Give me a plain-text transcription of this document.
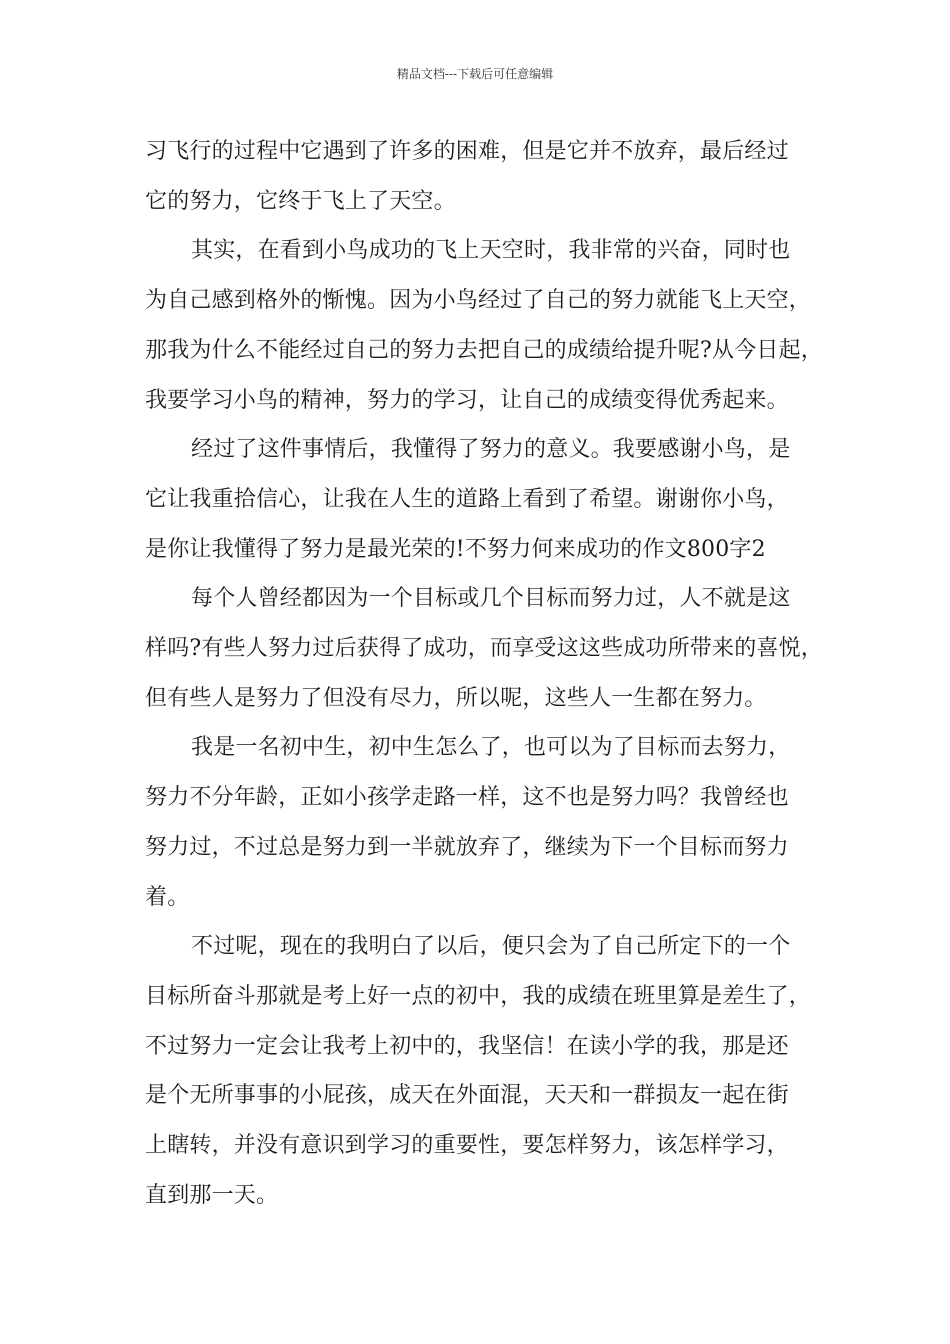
精品文档---下载后可任意编辑
习飞行的过程中它遇到了许多的困难，但是它并不放弃，最后经过
它的努力，它终于飞上了天空。
其实，在看到小鸟成功的飞上天空时，我非常的兴奋，同时也
为自己感到格外的惭愧。因为小鸟经过了自己的努力就能飞上天空，
那我为什么不能经过自己的努力去把自己的成绩给提升呢?从今日起，
我要学习小鸟的精神，努力的学习，让自己的成绩变得优秀起来。
经过了这件事情后，我懂得了努力的意义。我要感谢小鸟，是
它让我重拾信心，让我在人生的道路上看到了希望。谢谢你小鸟，
是你让我懂得了努力是最光荣的!不努力何来成功的作文800字2
每个人曾经都因为一个目标或几个目标而努力过，人不就是这
样吗?有些人努力过后获得了成功，而享受这这些成功所带来的喜悦，
但有些人是努力了但没有尽力，所以呢，这些人一生都在努力。
我是一名初中生，初中生怎么了，也可以为了目标而去努力，
努力不分年龄，正如小孩学走路一样，这不也是努力吗？我曾经也
努力过，不过总是努力到一半就放弃了，继续为下一个目标而努力
着。
不过呢，现在的我明白了以后，便只会为了自己所定下的一个
目标所奋斗那就是考上好一点的初中，我的成绩在班里算是差生了，
不过努力一定会让我考上初中的，我坚信！在读小学的我，那是还
是个无所事事的小屁孩，成天在外面混，天天和一群损友一起在街
上瞎转，并没有意识到学习的重要性，要怎样努力，该怎样学习，
直到那一天。
